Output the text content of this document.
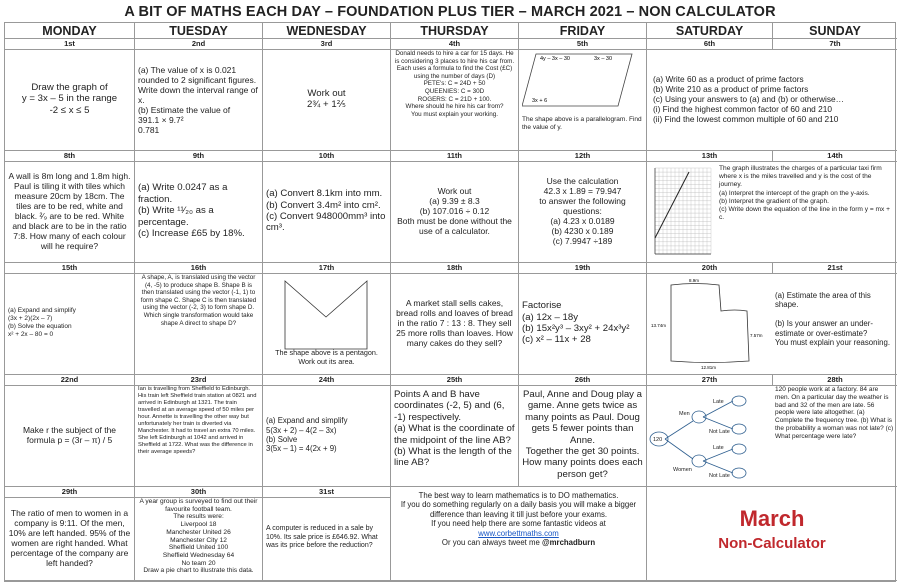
A BIT OF MATHS EACH DAY – FOUNDATION PLUS TIER – MARCH 2021 – NON CALCULATOR
MONDAY	TUESDAY	WEDNESDAY	THURSDAY	FRIDAY	SATURDAY	SUNDAY
1st
Draw the graph of
y = 3x – 5 in the range
-2 ≤ x ≤ 5
2nd
(a) The value of x is 0.021 rounded to 2 significant figures. Write down the interval range of x.
(b) Estimate the value of
391.1 × 9.7²
0.781
3rd
Work out
2¾ + 1⅖
4th
Donald needs to hire a car for 15 days. He is considering 3 places to hire his car from. Each uses a formula to find the Cost (£C) using the number of days (D)
PETE's: C = 24D + 50
QUEENIES: C = 30D
ROGERS: C = 21D + 100.
Where should he hire his car from?
You must explain your working.
5th
4y – 3x – 30	3x – 30
3x + 6
The shape above is a parallelogram. Find the value of y.
6th	7th
(a) Write 60 as a product of prime factors
(b) Write 210 as a product of prime factors
(c) Using your answers to (a) and (b) or otherwise…
(i) Find the highest common factor of 60 and 210
(ii) Find the lowest common multiple of 60 and 210
8th
A wall is 8m long and 1.8m high. Paul is tiling it with tiles which measure 20cm by 18cm. The tiles are to be red, white and black. ²⁄₉ are to be red. White and black are to be in the ratio 7:8. How many of each colour will he require?
9th
(a) Write 0.0247 as a fraction.
(b) Write ¹¹⁄₂₀ as a percentage.
(c) Increase £65 by 18%.
10th
(a) Convert 8.1km into mm.
(b) Convert 3.4m² into cm².
(c) Convert 948000mm³ into cm³.
11th
Work out
(a) 9.39 ± 8.3
(b) 107.016 ÷ 0.12
Both must be done without the use of a calculator.
12th
Use the calculation
42.3 x 1.89 = 79.947
to answer the following questions:
(a) 4.23 x 0.0189
(b) 4230 x 0.189
(c) 7.9947 ÷189
13th	14th
The graph illustrates the charges of a particular taxi firm where x is the miles travelled and y is the cost of the journey.
(a) Interpret the intercept of the graph on the y-axis.
(b) Interpret the gradient of the graph.
(c) Write down the equation of the line in the form y = mx + c.
15th
(a) Expand and simplify
(3x + 2)(2x – 7)
(b) Solve the equation
x² + 2x – 80 = 0
16th
A shape, A, is translated using the vector (4, -5) to produce shape B. Shape B is then translated using the vector (-1, 1) to form shape C. Shape C is then translated using the vector (-2, 3) to form shape D. Which single transformation would take shape A direct to shape D?
17th
The shape above is a pentagon. Work out its area.
18th
A market stall sells cakes, bread rolls and loaves of bread in the ratio 7 : 13 : 8. They sell 25 more rolls than loaves. How many cakes do they sell?
19th
Factorise
(a) 12x – 18y
(b) 15x²y³ – 3xy² + 24x³y²
(c) x² – 11x + 28
20th	21st
8.9m
13.74m
7.57m
12.81m
(a) Estimate the area of this shape.

(b) Is your answer an under-estimate or over-estimate?
You must explain your reasoning.
22nd
Make r the subject of the formula p = (3r – π) / 5
23rd
Ian is travelling from Sheffield to Edinburgh. His train left Sheffield train station at 0821 and arrived in Edinburgh at 1321. The train travelled at an average speed of 50 miles per hour. Annette is travelling the other way but unfortunately her train is diverted via Manchester. It had to travel an extra 70 miles. She left Edinburgh at 1042 and arrived in Sheffield at 1722. What was the difference in their average speeds?
24th
(a) Expand and simplify
5(3x + 2) – 4(2 – 3x)
(b) Solve
3(5x – 1) = 4(2x + 9)
25th
Points A and B have coordinates (-2, 5) and (6, -1) respectively.
(a) What is the coordinate of the midpoint of the line AB?
(b) What is the length of the line AB?
26th
Paul, Anne and Doug play a game. Anne gets twice as many points as Paul. Doug gets 5 fewer points than Anne.
Together the get 30 points.
How many points does each person get?
27th	28th
120
Men
Women
Late
Not Late
Late
Not Late
120 people work at a factory. 84 are men. On a particular day the weather is bad and 32 of the men are late. 56 people were late altogether. (a) Complete the frequency tree. (b) What is the probability a woman was not late? (c) What percentage were late?
29th
The ratio of men to women in a company is 9:11. Of the men, 10% are left handed. 95% of the women are right handed. What percentage of the company are left handed?
30th
A year group is surveyed to find out their favourite football team.
The results were:
Liverpool 18
Manchester United 26
Manchester City 12
Sheffield United 100
Sheffield Wednesday 64
No team 20
Draw a pie chart to illustrate this data.
31st
A computer is reduced in a sale by 10%. Its sale price is £646.92. What was its price before the reduction?
The best way to learn mathematics is to DO mathematics.
If you do something regularly on a daily basis you will make a bigger difference than leaving it till just before your exams.
If you need help there are some fantastic videos at
www.corbettmaths.com
Or you can always tweet me @mrchadburn
March
Non-Calculator
